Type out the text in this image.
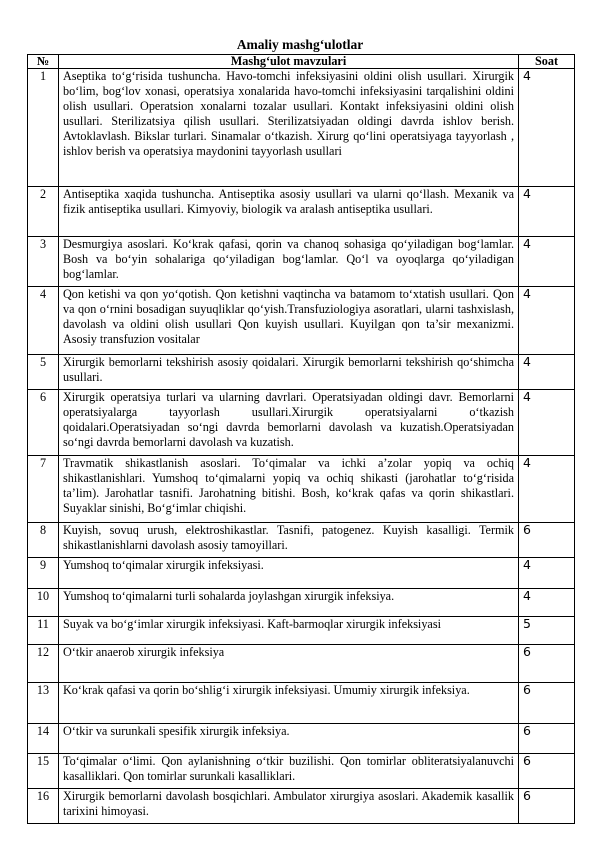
Amaliy mashg‘ulotlar
№	Mashg‘ulot mavzulari	Soat
1	Aseptika to‘g‘risida tushuncha. Havo-tomchi infeksiyasini oldini olish usullari. Xirurgik bo‘lim, bog‘lov xonasi, operatsiya xonalarida havo-tomchi infeksiyasini tarqalishini oldini olish usullari. Operatsion xonalarni tozalar usullari. Kontakt infeksiyasini oldini olish usullari. Sterilizatsiya qilish usullari. Sterilizatsiyadan oldingi davrda ishlov berish. Avtoklavlash. Bikslar turlari. Sinamalar o‘tkazish. Xirurg qo‘lini operatsiyaga tayyorlash , ishlov berish va operatsiya maydonini tayyorlash usullari	4
2	Antiseptika xaqida tushuncha. Antiseptika asosiy usullari va ularni qo‘llash. Mexanik va fizik antiseptika usullari. Kimyoviy, biologik va aralash antiseptika usullari.	4
3	Desmurgiya asoslari. Ko‘krak qafasi, qorin va chanoq sohasiga qo‘yiladigan bog‘lamlar. Bosh va bo‘yin sohalariga qo‘yiladigan bog‘lamlar. Qo‘l va oyoqlarga qo‘yiladigan bog‘lamlar.	4
4	Qon ketishi va qon yo‘qotish. Qon ketishni vaqtincha va batamom to‘xtatish usullari. Qon va qon o‘rnini bosadigan suyuqliklar qo‘yish.Transfuziologiya asoratlari, ularni tashxislash, davolash va oldini olish usullari Qon kuyish usullari. Kuyilgan qon ta’sir mexanizmi. Asosiy transfuzion vositalar	4
5	Xirurgik bemorlarni tekshirish asosiy qoidalari. Xirurgik bemorlarni tekshirish qo‘shimcha usullari.	4
6	Xirurgik operatsiya turlari va ularning davrlari. Operatsiyadan oldingi davr. Bemorlarni operatsiyalarga tayyorlash usullari.Xirurgik operatsiyalarni o‘tkazish qoidalari.Operatsiyadan so‘ngi davrda bemorlarni davolash va kuzatish.Operatsiyadan so‘ngi davrda bemorlarni davolash va kuzatish.	4
7	Travmatik shikastlanish asoslari. To‘qimalar va ichki a’zolar yopiq va ochiq shikastlanishlari. Yumshoq to‘qimalarni yopiq va ochiq shikasti (jarohatlar to‘g‘risida ta’lim). Jarohatlar tasnifi. Jarohatning bitishi. Bosh, ko‘krak qafas va qorin shikastlari. Suyaklar sinishi, Bo‘g‘imlar chiqishi.	4
8	Kuyish, sovuq urush, elektroshikastlar. Tasnifi, patogenez. Kuyish kasalligi. Termik shikastlanishlarni davolash asosiy tamoyillari.	6
9	Yumshoq to‘qimalar xirurgik infeksiyasi.	4
10	Yumshoq to‘qimalarni turli sohalarda joylashgan xirurgik infeksiya.	4
11	Suyak va bo‘g‘imlar xirurgik infeksiyasi. Kaft-barmoqlar xirurgik infeksiyasi	5
12	O‘tkir anaerob xirurgik infeksiya	6
13	Ko‘krak qafasi va qorin bo‘shlig‘i xirurgik infeksiyasi. Umumiy xirurgik infeksiya.	6
14	O‘tkir va surunkali spesifik xirurgik infeksiya.	6
15	To‘qimalar o‘limi. Qon aylanishning o‘tkir buzilishi. Qon tomirlar obliteratsiyalanuvchi kasalliklari. Qon tomirlar surunkali kasalliklari.	6
16	Xirurgik bemorlarni davolash bosqichlari. Ambulator xirurgiya asoslari. Akademik kasallik tarixini himoyasi.	6
